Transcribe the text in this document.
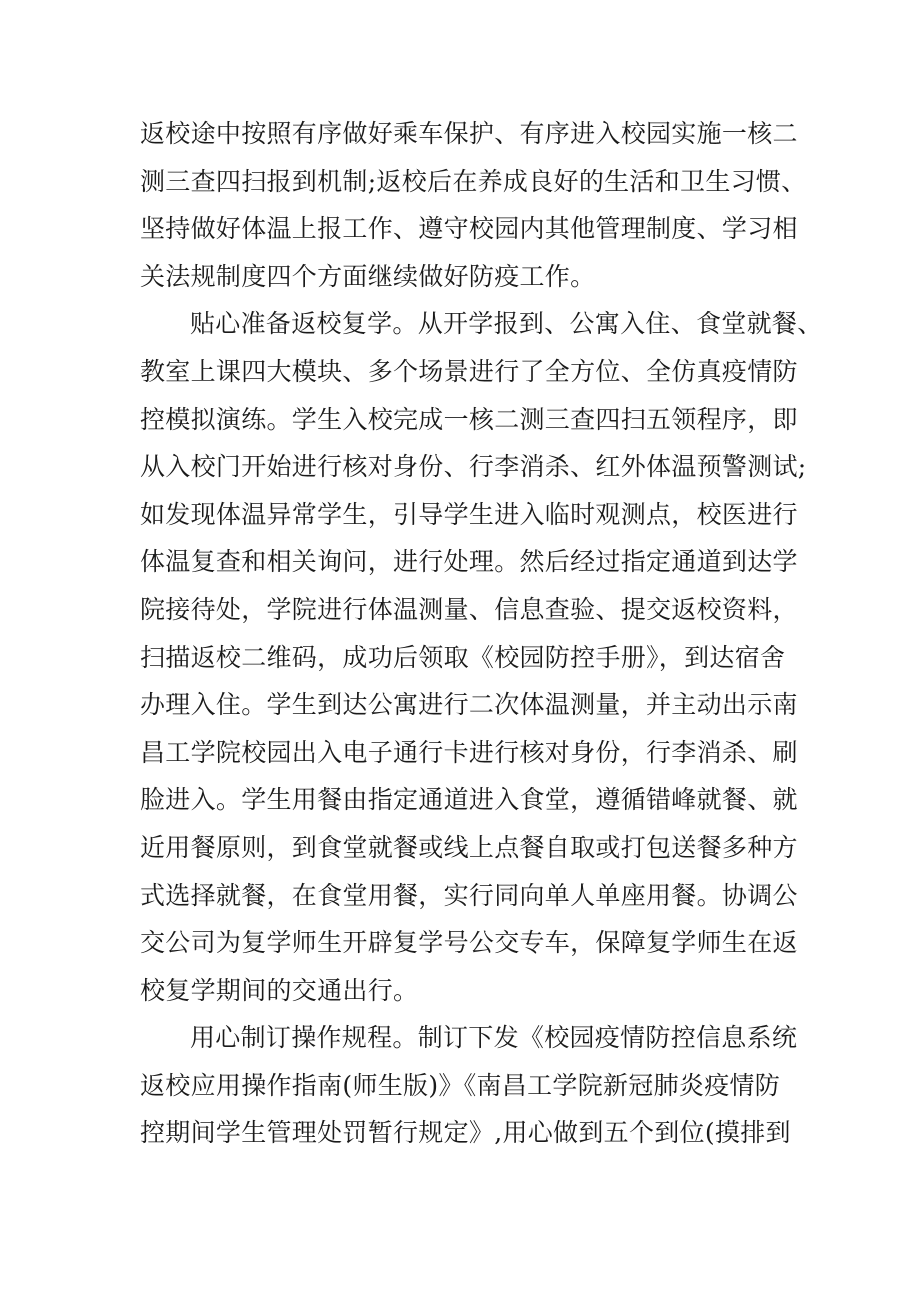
返校途中按照有序做好乘车保护、有序进入校园实施一核二
测三查四扫报到机制;返校后在养成良好的生活和卫生习惯、
坚持做好体温上报工作、遵守校园内其他管理制度、学习相
关法规制度四个方面继续做好防疫工作。
贴心准备返校复学。从开学报到、公寓入住、食堂就餐、
教室上课四大模块、多个场景进行了全方位、全仿真疫情防
控模拟演练。学生入校完成一核二测三查四扫五领程序，即
从入校门开始进行核对身份、行李消杀、红外体温预警测试;
如发现体温异常学生，引导学生进入临时观测点，校医进行
体温复查和相关询问，进行处理。然后经过指定通道到达学
院接待处，学院进行体温测量、信息查验、提交返校资料，
扫描返校二维码，成功后领取《校园防控手册》，到达宿舍
办理入住。学生到达公寓进行二次体温测量，并主动出示南
昌工学院校园出入电子通行卡进行核对身份，行李消杀、刷
脸进入。学生用餐由指定通道进入食堂，遵循错峰就餐、就
近用餐原则，到食堂就餐或线上点餐自取或打包送餐多种方
式选择就餐，在食堂用餐，实行同向单人单座用餐。协调公
交公司为复学师生开辟复学号公交专车，保障复学师生在返
校复学期间的交通出行。
用心制订操作规程。制订下发《校园疫情防控信息系统
返校应用操作指南(师生版)》《南昌工学院新冠肺炎疫情防
控期间学生管理处罚暂行规定》,用心做到五个到位(摸排到
